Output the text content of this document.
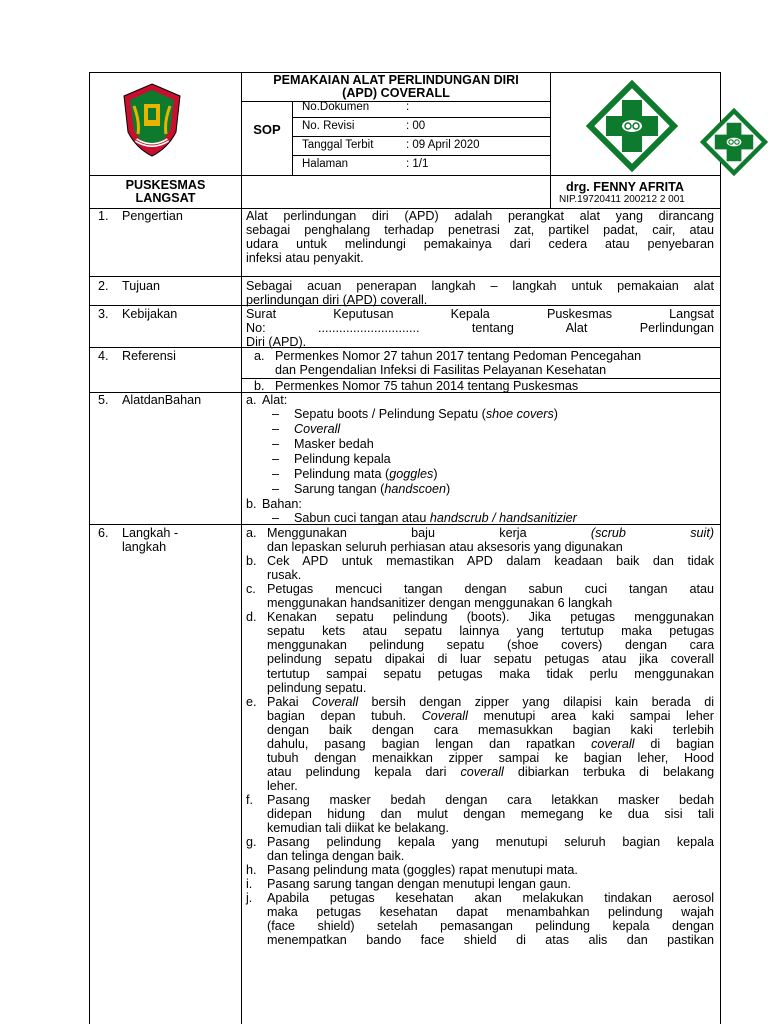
PEMAKAIAN ALAT PERLINDUNGAN DIRI
(APD) COVERALL
SOP
No.Dokumen	:
No. Revisi	: 00
Tanggal Terbit	: 09 April 2020
Halaman	: 1/1
PUSKESMAS
LANGSAT
drg. FENNY AFRITA
NIP.19720411 200212 2 001
1. Pengertian	Alat perlindungan diri (APD) adalah perangkat alat yang dirancang
sebagai penghalang terhadap penetrasi zat, partikel padat, cair, atau
udara untuk melindungi pemakainya dari cedera atau penyebaran
infeksi atau penyakit.
2. Tujuan	Sebagai acuan penerapan langkah – langkah untuk pemakaian alat
perlindungan diri (APD) coverall.
3. Kebijakan	Surat Keputusan Kepala Puskesmas Langsat
No: ............................. tentang Alat Perlindungan
Diri (APD).
4. Referensi	a. Permenkes Nomor 27 tahun 2017 tentang Pedoman Pencegahan
dan Pengendalian Infeksi di Fasilitas Pelayanan Kesehatan
b. Permenkes Nomor 75 tahun 2014 tentang Puskesmas
5. AlatdanBahan	a. Alat:
– Sepatu boots / Pelindung Sepatu (shoe covers)
– Coverall
– Masker bedah
– Pelindung kepala
– Pelindung mata (goggles)
– Sarung tangan (handscoen)
b. Bahan:
– Sabun cuci tangan atau handscrub / handsanitizier
6. Langkah -
langkah
a. Menggunakan	baju	kerja	(scrub	suit)
dan lepaskan seluruh perhiasan atau aksesoris yang digunakan
b. Cek APD untuk memastikan APD dalam keadaan baik dan tidak
rusak.
c. Petugas mencuci tangan dengan sabun cuci tangan atau
menggunakan handsanitizer dengan menggunakan 6 langkah
d. Kenakan sepatu pelindung (boots). Jika petugas menggunakan
sepatu kets atau sepatu lainnya yang tertutup maka petugas
menggunakan pelindung sepatu (shoe covers) dengan cara
pelindung sepatu dipakai di luar sepatu petugas atau jika coverall
tertutup sampai sepatu petugas maka tidak perlu menggunakan
pelindung sepatu.
e. Pakai Coverall bersih dengan zipper yang dilapisi kain berada di
bagian depan tubuh. Coverall menutupi area kaki sampai leher
dengan baik dengan cara memasukkan bagian kaki terlebih
dahulu, pasang bagian lengan dan rapatkan coverall di bagian
tubuh dengan menaikkan zipper sampai ke bagian leher, Hood
atau pelindung kepala dari coverall dibiarkan terbuka di belakang
leher.
f. Pasang masker bedah dengan cara letakkan masker bedah
didepan hidung dan mulut dengan memegang ke dua sisi tali
kemudian tali diikat ke belakang.
g. Pasang pelindung kepala yang menutupi seluruh bagian kepala
dan telinga dengan baik.
h. Pasang pelindung mata (goggles) rapat menutupi mata.
i. Pasang sarung tangan dengan menutupi lengan gaun.
j. Apabila petugas kesehatan akan melakukan tindakan aerosol
maka petugas kesehatan dapat menambahkan pelindung wajah
(face shield) setelah pemasangan pelindung kepala dengan
menempatkan bando face shield di atas alis dan pastikan
